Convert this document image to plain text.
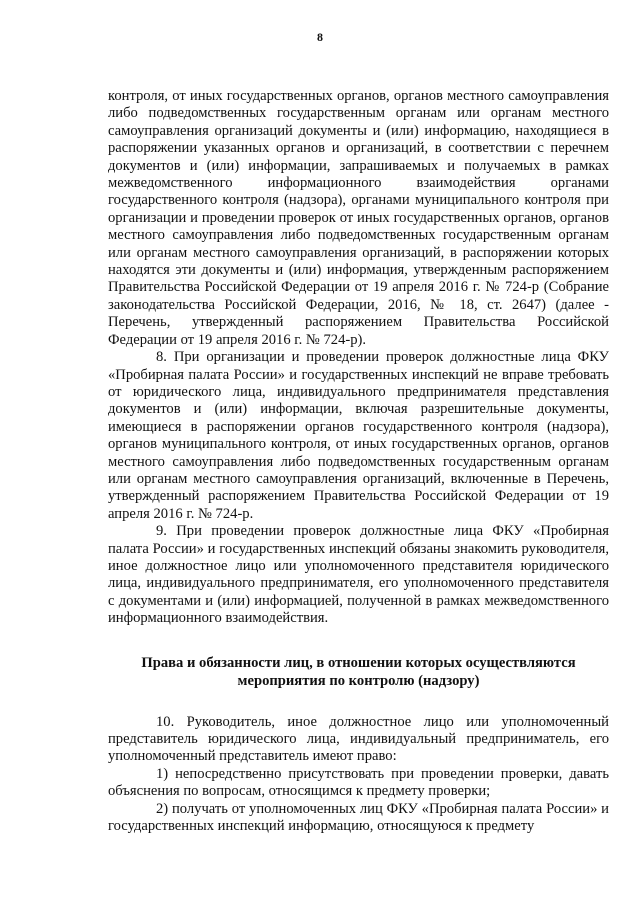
8

контроля, от иных государственных органов, органов местного самоуправления либо подведомственных государственным органам или органам местного самоуправления организаций документы и (или) информацию, находящиеся в распоряжении указанных органов и организаций, в соответствии с перечнем документов и (или) информации, запрашиваемых и получаемых в рамках межведомственного информационного взаимодействия органами государственного контроля (надзора), органами муниципального контроля при организации и проведении проверок от иных государственных органов, органов местного самоуправления либо подведомственных государственным органам или органам местного самоуправления организаций, в распоряжении которых находятся эти документы и (или) информация, утвержденным распоряжением Правительства Российской Федерации от 19 апреля 2016 г. № 724-р (Собрание законодательства Российской Федерации, 2016, № 18, ст. 2647) (далее - Перечень, утвержденный распоряжением Правительства Российской Федерации от 19 апреля 2016 г. № 724-р).

8. При организации и проведении проверок должностные лица ФКУ «Пробирная палата России» и государственных инспекций не вправе требовать от юридического лица, индивидуального предпринимателя представления документов и (или) информации, включая разрешительные документы, имеющиеся в распоряжении органов государственного контроля (надзора), органов муниципального контроля, от иных государственных органов, органов местного самоуправления либо подведомственных государственным органам или органам местного самоуправления организаций, включенные в Перечень, утвержденный распоряжением Правительства Российской Федерации от 19 апреля 2016 г. № 724-р.

9. При проведении проверок должностные лица ФКУ «Пробирная палата России» и государственных инспекций обязаны знакомить руководителя, иное должностное лицо или уполномоченного представителя юридического лица, индивидуального предпринимателя, его уполномоченного представителя с документами и (или) информацией, полученной в рамках межведомственного информационного взаимодействия.

Права и обязанности лиц, в отношении которых осуществляются мероприятия по контролю (надзору)

10. Руководитель, иное должностное лицо или уполномоченный представитель юридического лица, индивидуальный предприниматель, его уполномоченный представитель имеют право:

1) непосредственно присутствовать при проведении проверки, давать объяснения по вопросам, относящимся к предмету проверки;

2) получать от уполномоченных лиц ФКУ «Пробирная палата России» и государственных инспекций информацию, относящуюся к предмету
